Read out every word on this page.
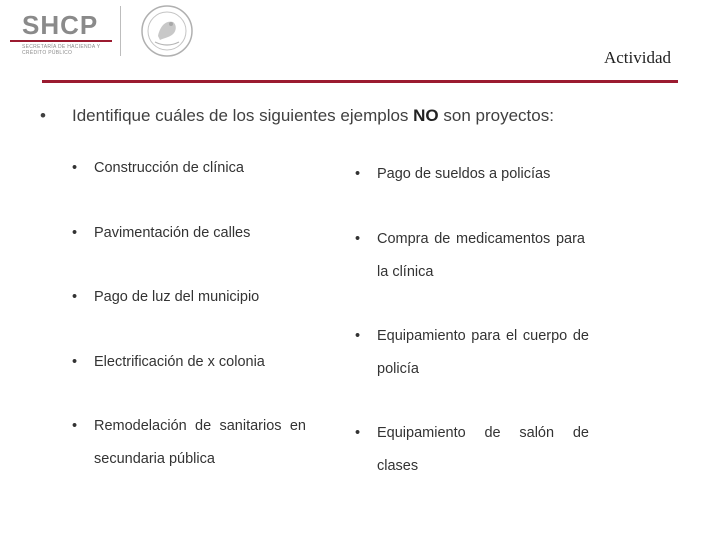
SHCP
SECRETARÍA DE HACIENDA Y CRÉDITO PÚBLICO	Actividad
• Identifique cuáles de los siguientes ejemplos NO son proyectos:
• Construcción de clínica
• Pavimentación de calles
• Pago de luz del municipio
• Electrificación de x colonia
• Remodelación de sanitarios en secundaria pública
• Pago de sueldos a policías
• Compra de medicamentos para la clínica
• Equipamiento para el cuerpo de policía
• Equipamiento de salón de clases
